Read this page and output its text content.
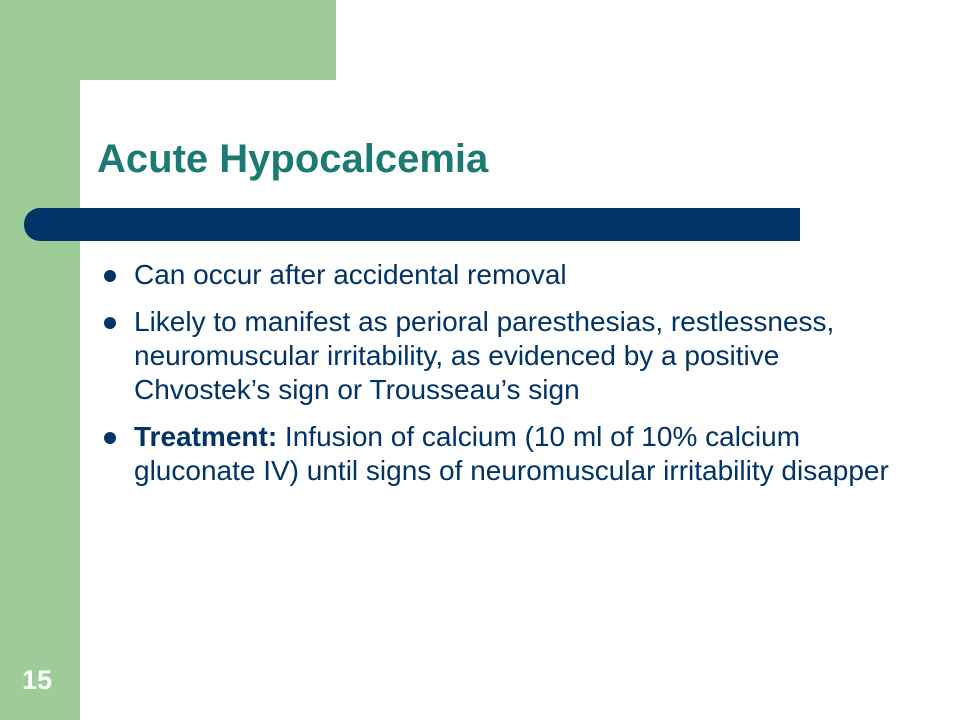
Acute Hypocalcemia
Can occur after accidental removal
Likely to manifest as perioral paresthesias, restlessness, neuromuscular irritability, as evidenced by a positive Chvostek’s sign or Trousseau’s sign
Treatment: Infusion of calcium (10 ml of 10% calcium gluconate IV) until signs of neuromuscular irritability disapper
15
